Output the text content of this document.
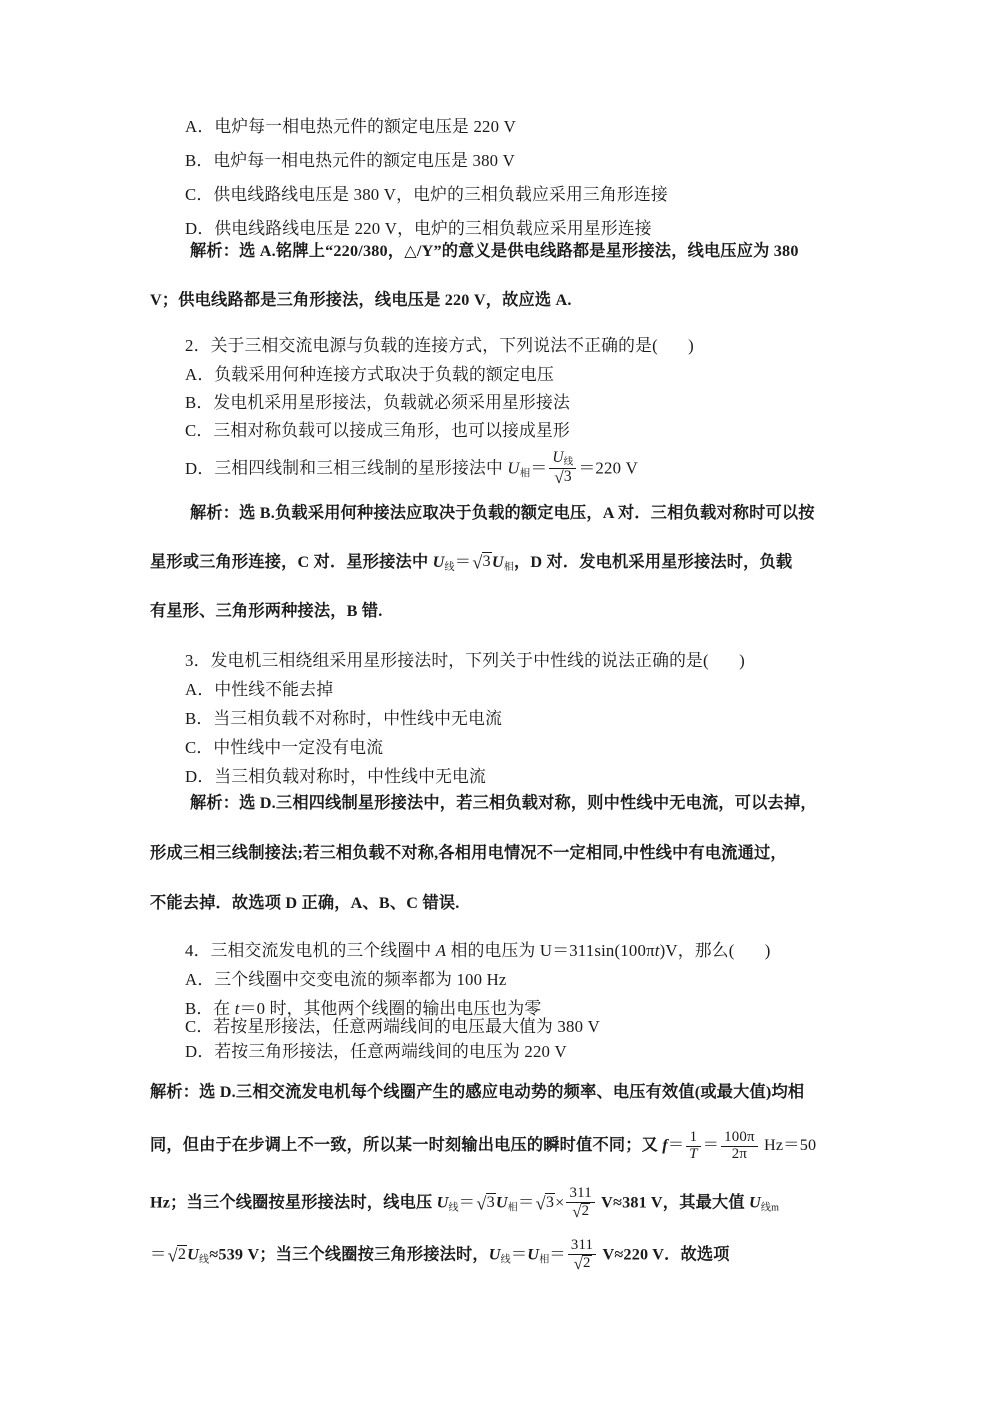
A．电炉每一相电热元件的额定电压是 220 V
B．电炉每一相电热元件的额定电压是 380 V
C．供电线路线电压是 380 V，电炉的三相负载应采用三角形连接
D．供电线路线电压是 220 V，电炉的三相负载应采用星形连接
解析：选 A.铭牌上“220/380，△/Y”的意义是供电线路都是星形接法，线电压应为 380
V；供电线路都是三角形接法，线电压是 220 V，故应选 A.
2．关于三相交流电源与负载的连接方式，下列说法不正确的是( )
A．负载采用何种连接方式取决于负载的额定电压
B．发电机采用星形接法，负载就必须采用星形接法
C．三相对称负载可以接成三角形，也可以接成星形
D．三相四线制和三相三线制的星形接法中 $U_相= \frac{U_线}{√3} =220$ V
解析：选 B.负载采用何种接法应取决于负载的额定电压，A 对．三相负载对称时可以按
星形或三角形连接，C 对．星形接法中 $U_线=√3U_相$，D 对．发电机采用星形接法时，负载
有星形、三角形两种接法，B 错.
3．发电机三相绕组采用星形接法时，下列关于中性线的说法正确的是( )
A．中性线不能去掉
B．当三相负载不对称时，中性线中无电流
C．中性线中一定没有电流
D．当三相负载对称时，中性线中无电流
解析：选 D.三相四线制星形接法中，若三相负载对称，则中性线中无电流，可以去掉，
形成三相三线制接法;若三相负载不对称,各相用电情况不一定相同,中性线中有电流通过，
不能去掉．故选项 D 正确，A、B、C 错误.
4．三相交流发电机的三个线圈中 A 相的电压为 U＝311sin(100πt)V，那么( )
A．三个线圈中交变电流的频率都为 100 Hz
B．在 t＝0 时，其他两个线圈的输出电压也为零
C．若按星形接法，任意两端线间的电压最大值为 380 V
D．若按三角形接法，任意两端线间的电压为 220 V
解析：选 D.三相交流发电机每个线圈产生的感应电动势的频率、电压有效值(或最大值)均相
同，但由于在步调上不一致，所以某一时刻输出电压的瞬时值不同；又 $f= \frac{1}{T} = \frac{100\pi}{2\pi} Hz=50$
Hz；当三个线圈按星形接法时，线电压 $U_线=√3U_相=√3\times \frac{311}{√2} V\approx 381$ V，其最大值 $U_{线m}$
$=√2U_线\approx 539$ V；当三个线圈按三角形接法时，$U_线=U_相= \frac{311}{√2} V\approx 220$ V．故选项
